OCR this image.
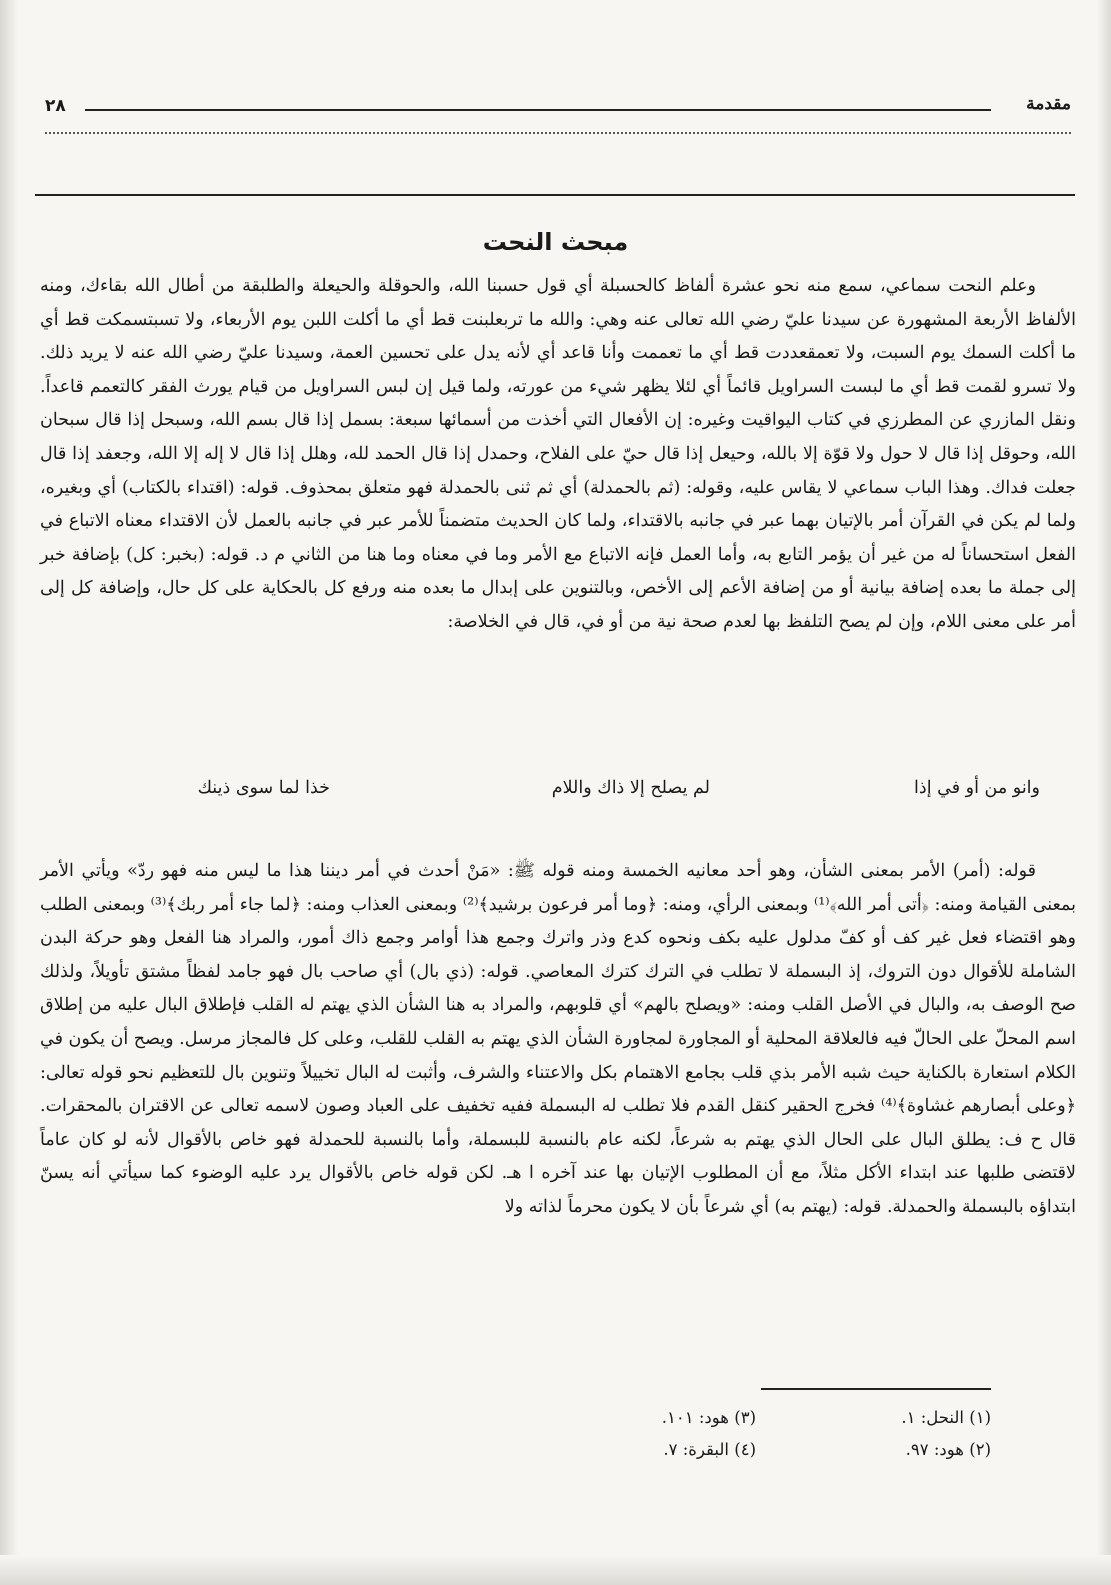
٢٨	مقدمة
مبحث النحت
وعلم النحت سماعي، سمع منه نحو عشرة ألفاظ كالحسبلة أي قول حسبنا الله، والحوقلة والحيعلة والطلبقة من أطال الله بقاءك، ومنه الألفاظ الأربعة المشهورة عن سيدنا عليّ رضي الله تعالى عنه وهي: والله ما تربعلبنت قط أي ما أكلت اللبن يوم الأربعاء، ولا تسبتسمكت قط أي ما أكلت السمك يوم السبت، ولا تعمقعددت قط أي ما تعممت وأنا قاعد أي لأنه يدل على تحسين العمة، وسيدنا عليّ رضي الله عنه لا يريد ذلك. ولا تسرو لقمت قط أي ما لبست السراويل قائماً أي لئلا يظهر شيء من عورته، ولما قيل إن لبس السراويل من قيام يورث الفقر كالتعمم قاعداً. ونقل المازري عن المطرزي في كتاب اليواقيت وغيره: إن الأفعال التي أخذت من أسمائها سبعة: بسمل إذا قال بسم الله، وسبحل إذا قال سبحان الله، وحوقل إذا قال لا حول ولا قوّة إلا بالله، وحيعل إذا قال حيّ على الفلاح، وحمدل إذا قال الحمد لله، وهلل إذا قال لا إله إلا الله، وجعفد إذا قال جعلت فداك. وهذا الباب سماعي لا يقاس عليه، وقوله: (ثم بالحمدلة) أي ثم ثنى بالحمدلة فهو متعلق بمحذوف. قوله: (اقتداء بالكتاب) أي وبغيره، ولما لم يكن في القرآن أمر بالإتيان بهما عبر في جانبه بالاقتداء، ولما كان الحديث متضمناً للأمر عبر في جانبه بالعمل لأن الاقتداء معناه الاتباع في الفعل استحساناً له من غير أن يؤمر التابع به، وأما العمل فإنه الاتباع مع الأمر وما في معناه وما هنا من الثاني م د. قوله: (بخبر: كل) بإضافة خبر إلى جملة ما بعده إضافة بيانية أو من إضافة الأعم إلى الأخص، وبالتنوين على إبدال ما بعده منه ورفع كل بالحكاية على كل حال، وإضافة كل إلى أمر على معنى اللام، وإن لم يصح التلفظ بها لعدم صحة نية من أو في، قال في الخلاصة:
وانو من أو في إذا
لم يصلح إلا ذاك واللام
خذا لما سوى ذينك
قوله: (أمر) الأمر بمعنى الشأن، وهو أحد معانيه الخمسة ومنه قوله ﷺ: «مَنْ أحدث في أمر ديننا هذا ما ليس منه فهو ردّ» ويأتي الأمر بمعنى القيامة ومنه: ﴿أتى أمر الله﴾⁽¹⁾ وبمعنى الرأي، ومنه: ﴿وما أمر فرعون برشيد﴾⁽²⁾ وبمعنى العذاب ومنه: ﴿لما جاء أمر ربك﴾⁽³⁾ وبمعنى الطلب وهو اقتضاء فعل غير كف أو كفّ مدلول عليه بكف ونحوه كدع وذر واترك وجمع هذا أوامر وجمع ذاك أمور، والمراد هنا الفعل وهو حركة البدن الشاملة للأقوال دون التروك، إذ البسملة لا تطلب في الترك كترك المعاصي. قوله: (ذي بال) أي صاحب بال فهو جامد لفظاً مشتق تأويلاً، ولذلك صح الوصف به، والبال في الأصل القلب ومنه: «ويصلح بالهم» أي قلوبهم، والمراد به هنا الشأن الذي يهتم له القلب فإطلاق البال عليه من إطلاق اسم المحلّ على الحالّ فيه فالعلاقة المحلية أو المجاورة لمجاورة الشأن الذي يهتم به القلب للقلب، وعلى كل فالمجاز مرسل. ويصح أن يكون في الكلام استعارة بالكناية حيث شبه الأمر بذي قلب بجامع الاهتمام بكل والاعتناء والشرف، وأثبت له البال تخييلاً وتنوين بال للتعظيم نحو قوله تعالى: ﴿وعلى أبصارهم غشاوة﴾⁽⁴⁾ فخرج الحقير كنقل القدم فلا تطلب له البسملة ففيه تخفيف على العباد وصون لاسمه تعالى عن الاقتران بالمحقرات. قال ح ف: يطلق البال على الحال الذي يهتم به شرعاً، لكنه عام بالنسبة للبسملة، وأما بالنسبة للحمدلة فهو خاص بالأقوال لأنه لو كان عاماً لاقتضى طلبها عند ابتداء الأكل مثلاً، مع أن المطلوب الإتيان بها عند آخره ا هـ. لكن قوله خاص بالأقوال يرد عليه الوضوء كما سيأتي أنه يسنّ ابتداؤه بالبسملة والحمدلة. قوله: (يهتم به) أي شرعاً بأن لا يكون محرماً لذاته ولا
(١) النحل: ١.
(٢) هود: ٩٧.
(٣) هود: ١٠١.
(٤) البقرة: ٧.
